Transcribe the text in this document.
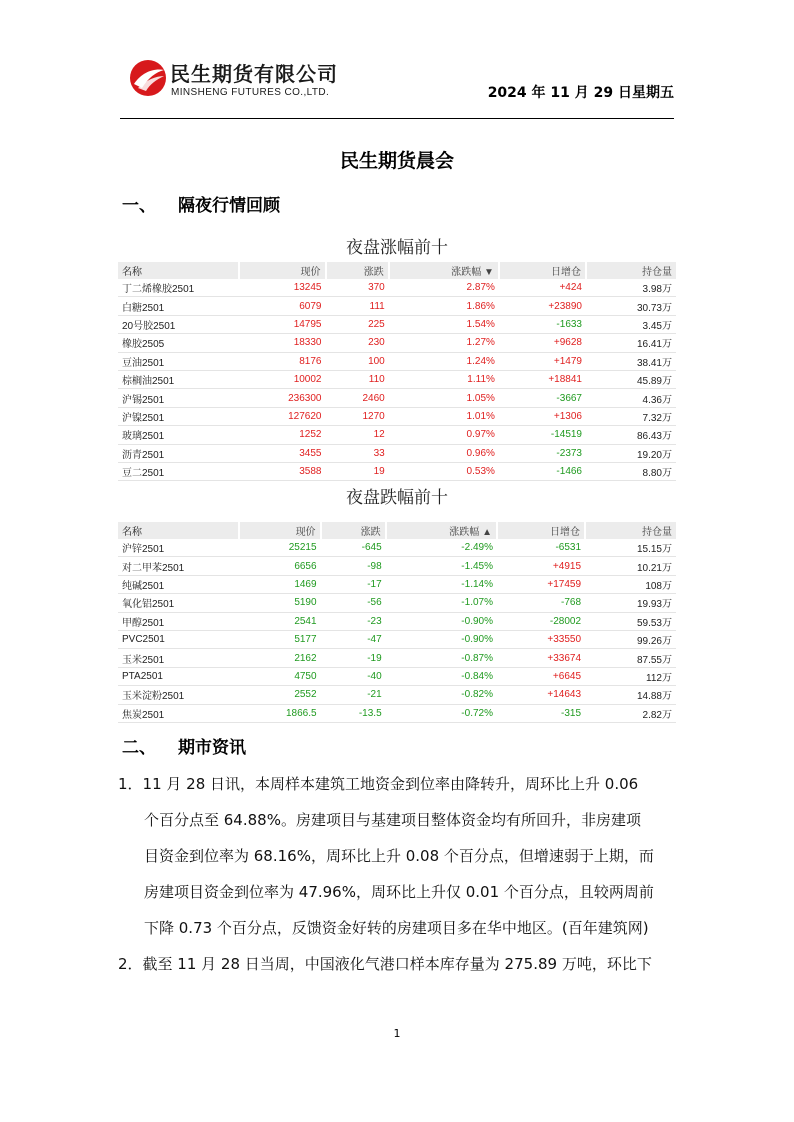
民生期货有限公司
MINSHENG FUTURES CO.,LTD.	2024 年 11 月 29 日星期五
民生期货晨会
一、 隔夜行情回顾
夜盘涨幅前十
名称	现价	涨跌	涨跌幅 ▼	日增仓	持仓量
丁二烯橡胶2501	13245	370	2.87%	+424	3.98万
白糖2501	6079	111	1.86%	+23890	30.73万
20号胶2501	14795	225	1.54%	-1633	3.45万
橡胶2505	18330	230	1.27%	+9628	16.41万
豆油2501	8176	100	1.24%	+1479	38.41万
棕榈油2501	10002	110	1.11%	+18841	45.89万
沪锡2501	236300	2460	1.05%	-3667	4.36万
沪镍2501	127620	1270	1.01%	+1306	7.32万
玻璃2501	1252	12	0.97%	-14519	86.43万
沥青2501	3455	33	0.96%	-2373	19.20万
豆二2501	3588	19	0.53%	-1466	8.80万
夜盘跌幅前十
名称	现价	涨跌	涨跌幅 ▲	日增仓	持仓量
沪锌2501	25215	-645	-2.49%	-6531	15.15万
对二甲苯2501	6656	-98	-1.45%	+4915	10.21万
纯碱2501	1469	-17	-1.14%	+17459	108万
氧化铝2501	5190	-56	-1.07%	-768	19.93万
甲醇2501	2541	-23	-0.90%	-28002	59.53万
PVC2501	5177	-47	-0.90%	+33550	99.26万
玉米2501	2162	-19	-0.87%	+33674	87.55万
PTA2501	4750	-40	-0.84%	+6645	112万
玉米淀粉2501	2552	-21	-0.82%	+14643	14.88万
焦炭2501	1866.5	-13.5	-0.72%	-315	2.82万
二、 期市资讯

1．11 月 28 日讯，本周样本建筑工地资金到位率由降转升，周环比上升 0.06
个百分点至 64.88%。房建项目与基建项目整体资金均有所回升，非房建项
目资金到位率为 68.16%，周环比上升 0.08 个百分点，但增速弱于上期，而
房建项目资金到位率为 47.96%，周环比上升仅 0.01 个百分点，且较两周前
下降 0.73 个百分点，反馈资金好转的房建项目多在华中地区。(百年建筑网)

2．截至 11 月 28 日当周，中国液化气港口样本库存量为 275.89 万吨，环比下

1
